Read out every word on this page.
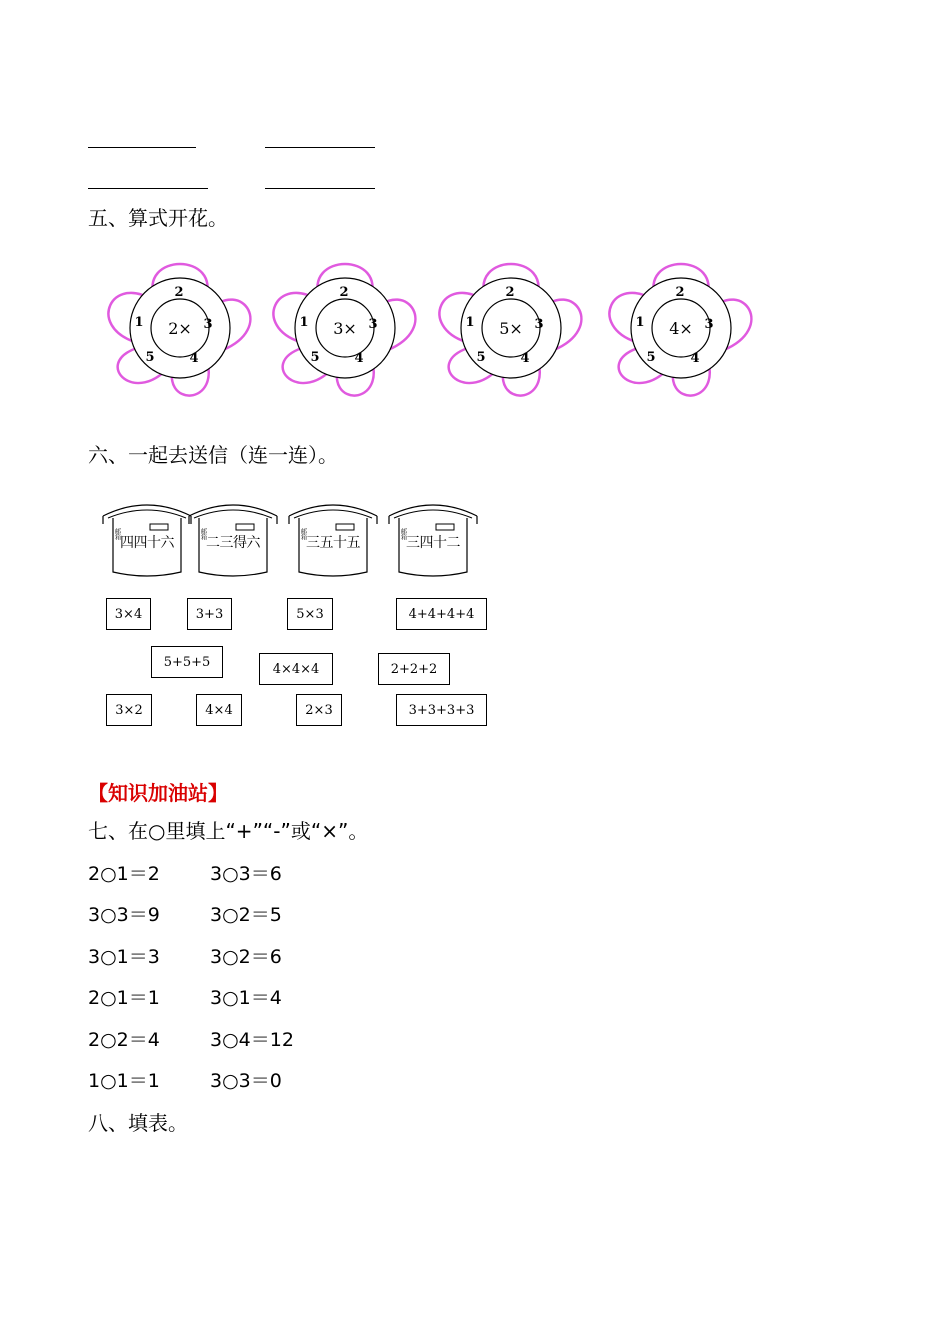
五、算式开花。
1
2
3
4
5
2×	1
2
3
4
5
3×	1
2
3
4
5
5×	1
2
3
4
5
4×
六、一起去送信（连一连）。
邮箱
四四十六
邮箱
二三得六
邮箱
三五十五
邮箱
三四十二
3×4	3+3	5×3	4+4+4+4
5+5+5	4×4×4	2+2+2
3×2	4×4	2×3	3+3+3+3
【知识加油站】
七、在○里填上“+”“-”或“×”。
2○1＝2	3○3＝6
3○3＝9	3○2＝5
3○1＝3	3○2＝6
2○1＝1	3○1＝4
2○2＝4	3○4＝12
1○1＝1	3○3＝0
八、填表。
